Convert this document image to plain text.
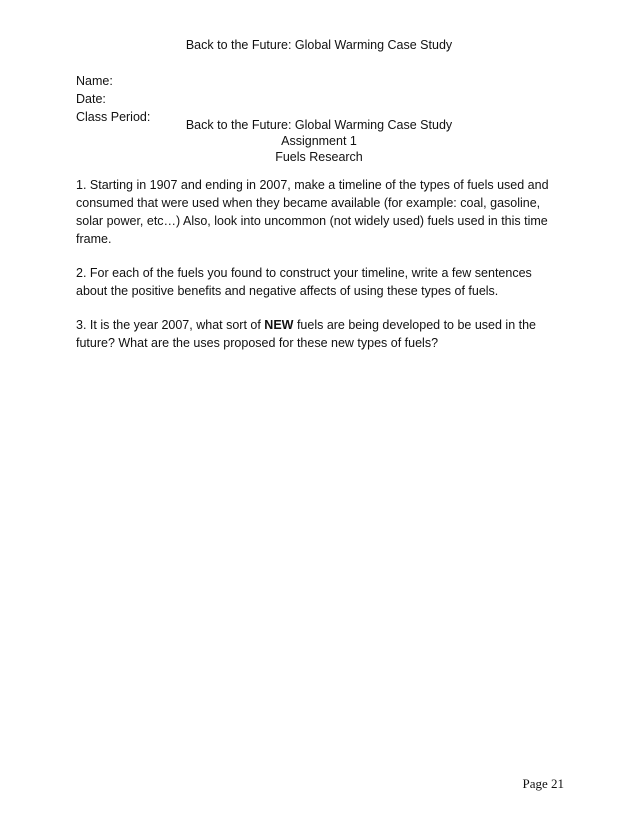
Back to the Future: Global Warming Case Study
Name:
Date:
Class Period:
Back to the Future: Global Warming Case Study
Assignment 1
Fuels Research
1. Starting in 1907 and ending in 2007, make a timeline of the types of fuels used and consumed that were used when they became available (for example: coal, gasoline, solar power, etc…) Also, look into uncommon (not widely used) fuels used in this time frame.
2. For each of the fuels you found to construct your timeline, write a few sentences about the positive benefits and negative affects of using these types of fuels.
3. It is the year 2007, what sort of NEW fuels are being developed to be used in the future? What are the uses proposed for these new types of fuels?
Page 21
